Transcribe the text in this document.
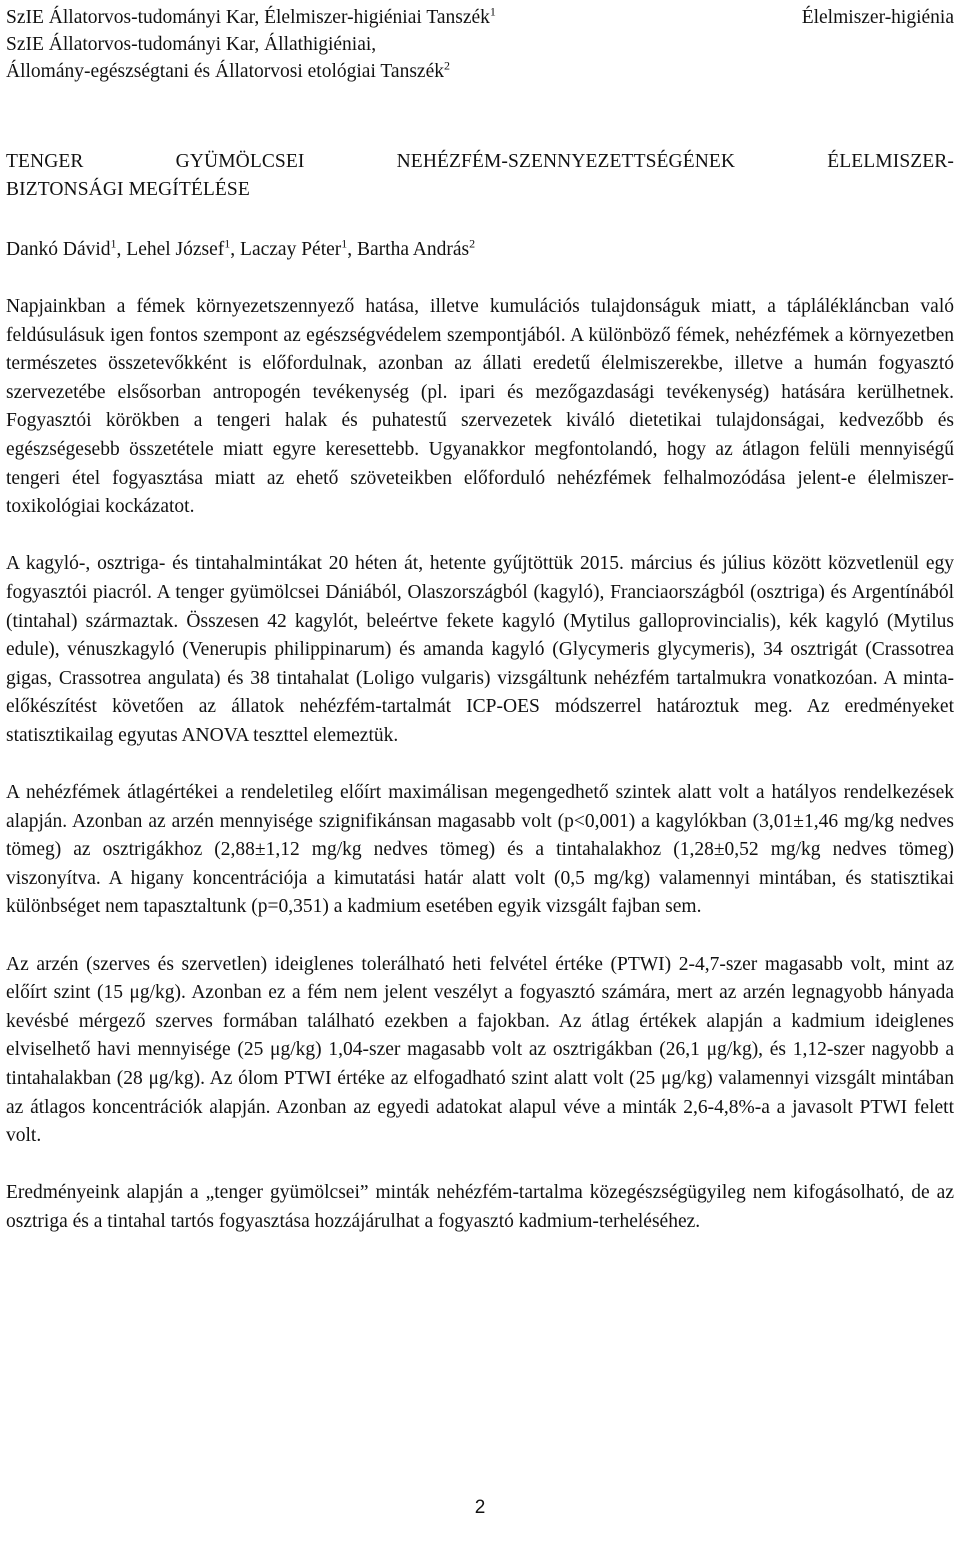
SzIE Állatorvos-tudományi Kar, Élelmiszer-higiéniai Tanszék$^1$
SzIE Állatorvos-tudományi Kar, Állathigiéniai,
Állomány-egészségtani és Állatorvosi etológiai Tanszék$^2$
Élelmiszer-higiénia
TENGER GYÜMÖLCSEI NEHÉZFÉM-SZENNYEZETTSÉGÉNEK ÉLELMISZER-
BIZTONSÁGI MEGÍTÉLÉSE
Dankó Dávid$^1$, Lehel József$^1$, Laczay Péter$^1$, Bartha András$^2$

Napjainkban a fémek környezetszennyező hatása, illetve kumulációs tulajdonságuk miatt, a táplálékláncban való feldúsulásuk igen fontos szempont az egészségvédelem szempontjából. A különböző fémek, nehézfémek a környezetben természetes összetevőkként is előfordulnak, azonban az állati eredetű élelmiszerekbe, illetve a humán fogyasztó szervezetébe elsősorban antropogén tevékenység (pl. ipari és mezőgazdasági tevékenység) hatására kerülhetnek. Fogyasztói körökben a tengeri halak és puhatestű szervezetek kiváló dietetikai tulajdonságai, kedvezőbb és egészségesebb összetétele miatt egyre keresettebb. Ugyanakkor megfontolandó, hogy az átlagon felüli mennyiségű tengeri étel fogyasztása miatt az ehető szöveteikben előforduló nehézfémek felhalmozódása jelent-e élelmiszer-toxikológiai kockázatot.

A kagyló-, osztriga- és tintahalmintákat 20 héten át, hetente gyűjtöttük 2015. március és július között közvetlenül egy fogyasztói piacról. A tenger gyümölcsei Dániából, Olaszországból (kagyló), Franciaországból (osztriga) és Argentínából (tintahal) származtak. Összesen 42 kagylót, beleértve fekete kagyló (Mytilus galloprovincialis), kék kagyló (Mytilus edule), vénuszkagyló (Venerupis philippinarum) és amanda kagyló (Glycymeris glycymeris), 34 osztrigát (Crassotrea gigas, Crassotrea angulata) és 38 tintahalat (Loligo vulgaris) vizsgáltunk nehézfém tartalmukra vonatkozóan. A minta-előkészítést követően az állatok nehézfém-tartalmát ICP-OES módszerrel határoztuk meg. Az eredményeket statisztikailag egyutas ANOVA teszttel elemeztük.

A nehézfémek átlagértékei a rendeletileg előírt maximálisan megengedhető szintek alatt volt a hatályos rendelkezések alapján. Azonban az arzén mennyisége szignifikánsan magasabb volt (p<0,001) a kagylókban (3,01±1,46 mg/kg nedves tömeg) az osztrigákhoz (2,88±1,12 mg/kg nedves tömeg) és a tintahalakhoz (1,28±0,52 mg/kg nedves tömeg) viszonyítva. A higany koncentrációja a kimutatási határ alatt volt (0,5 mg/kg) valamennyi mintában, és statisztikai különbséget nem tapasztaltunk (p=0,351) a kadmium esetében egyik vizsgált fajban sem.

Az arzén (szerves és szervetlen) ideiglenes tolerálható heti felvétel értéke (PTWI) 2-4,7-szer magasabb volt, mint az előírt szint (15 μg/kg). Azonban ez a fém nem jelent veszélyt a fogyasztó számára, mert az arzén legnagyobb hányada kevésbé mérgező szerves formában található ezekben a fajokban. Az átlag értékek alapján a kadmium ideiglenes elviselhető havi mennyisége (25 μg/kg) 1,04-szer magasabb volt az osztrigákban (26,1 μg/kg), és 1,12-szer nagyobb a tintahalakban (28 μg/kg). Az ólom PTWI értéke az elfogadható szint alatt volt (25 μg/kg) valamennyi vizsgált mintában az átlagos koncentrációk alapján. Azonban az egyedi adatokat alapul véve a minták 2,6-4,8%-a a javasolt PTWI felett volt.

Eredményeink alapján a „tenger gyümölcsei” minták nehézfém-tartalma közegészségügyileg nem kifogásolható, de az osztriga és a tintahal tartós fogyasztása hozzájárulhat a fogyasztó kadmium-terheléséhez.

2
